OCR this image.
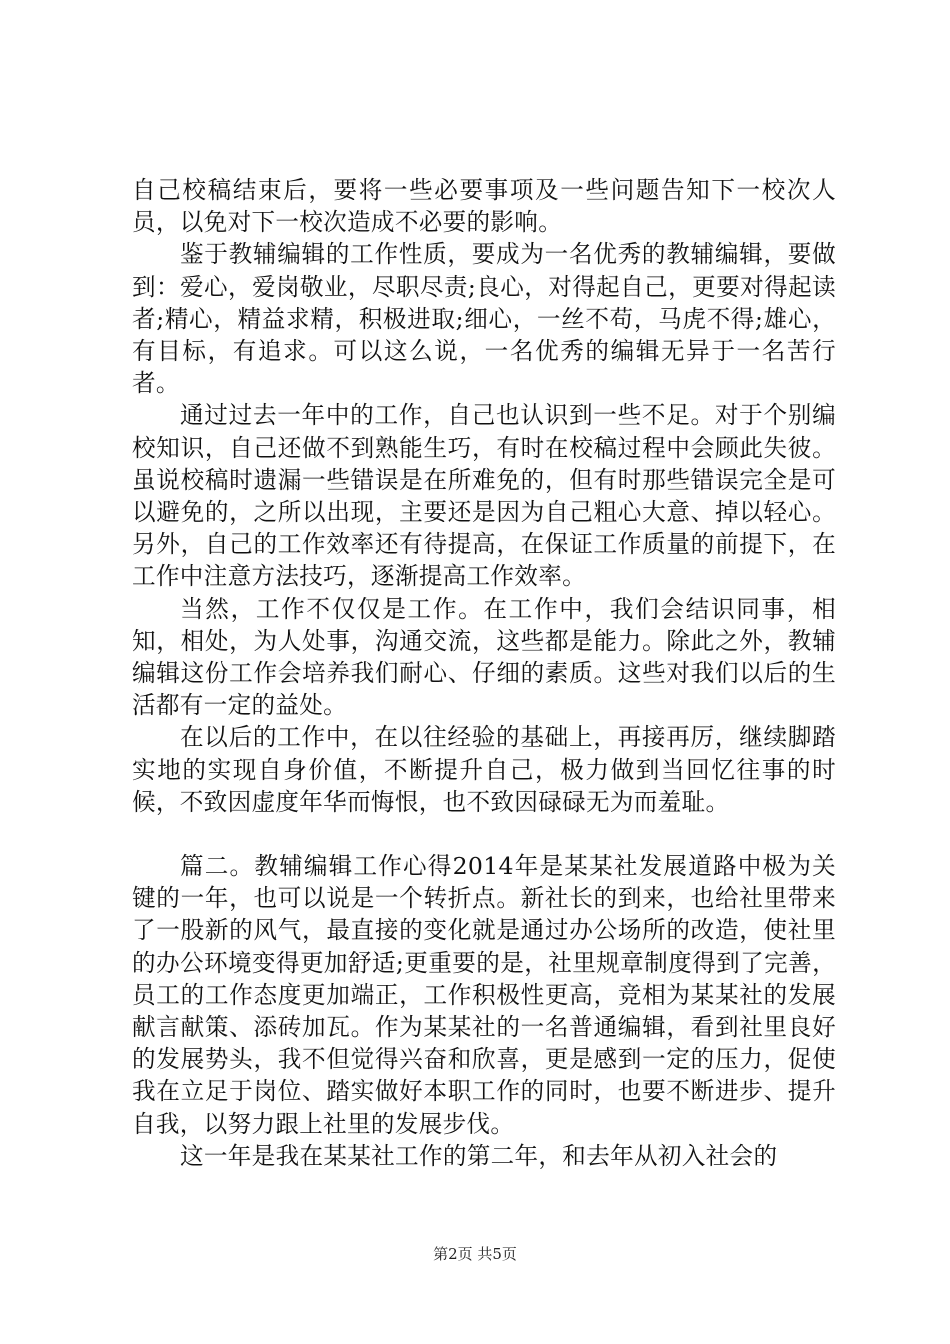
自己校稿结束后，要将一些必要事项及一些问题告知下一校次人员，以免对下一校次造成不必要的影响。

鉴于教辅编辑的工作性质，要成为一名优秀的教辅编辑，要做到：爱心，爱岗敬业，尽职尽责;良心，对得起自己，更要对得起读者;精心，精益求精，积极进取;细心，一丝不苟，马虎不得;雄心，有目标，有追求。可以这么说，一名优秀的编辑无异于一名苦行者。

通过过去一年中的工作，自己也认识到一些不足。对于个别编校知识，自己还做不到熟能生巧，有时在校稿过程中会顾此失彼。虽说校稿时遗漏一些错误是在所难免的，但有时那些错误完全是可以避免的，之所以出现，主要还是因为自己粗心大意、掉以轻心。另外，自己的工作效率还有待提高，在保证工作质量的前提下，在工作中注意方法技巧，逐渐提高工作效率。

当然，工作不仅仅是工作。在工作中，我们会结识同事，相知，相处，为人处事，沟通交流，这些都是能力。除此之外，教辅编辑这份工作会培养我们耐心、仔细的素质。这些对我们以后的生活都有一定的益处。

在以后的工作中，在以往经验的基础上，再接再厉，继续脚踏实地的实现自身价值，不断提升自己，极力做到当回忆往事的时候，不致因虚度年华而悔恨，也不致因碌碌无为而羞耻。

篇二。教辅编辑工作心得2014年是某某社发展道路中极为关键的一年，也可以说是一个转折点。新社长的到来，也给社里带来了一股新的风气，最直接的变化就是通过办公场所的改造，使社里的办公环境变得更加舒适;更重要的是，社里规章制度得到了完善，员工的工作态度更加端正，工作积极性更高，竞相为某某社的发展献言献策、添砖加瓦。作为某某社的一名普通编辑，看到社里良好的发展势头，我不但觉得兴奋和欣喜，更是感到一定的压力，促使我在立足于岗位、踏实做好本职工作的同时，也要不断进步、提升自我，以努力跟上社里的发展步伐。

这一年是我在某某社工作的第二年，和去年从初入社会的

第2页 共5页
